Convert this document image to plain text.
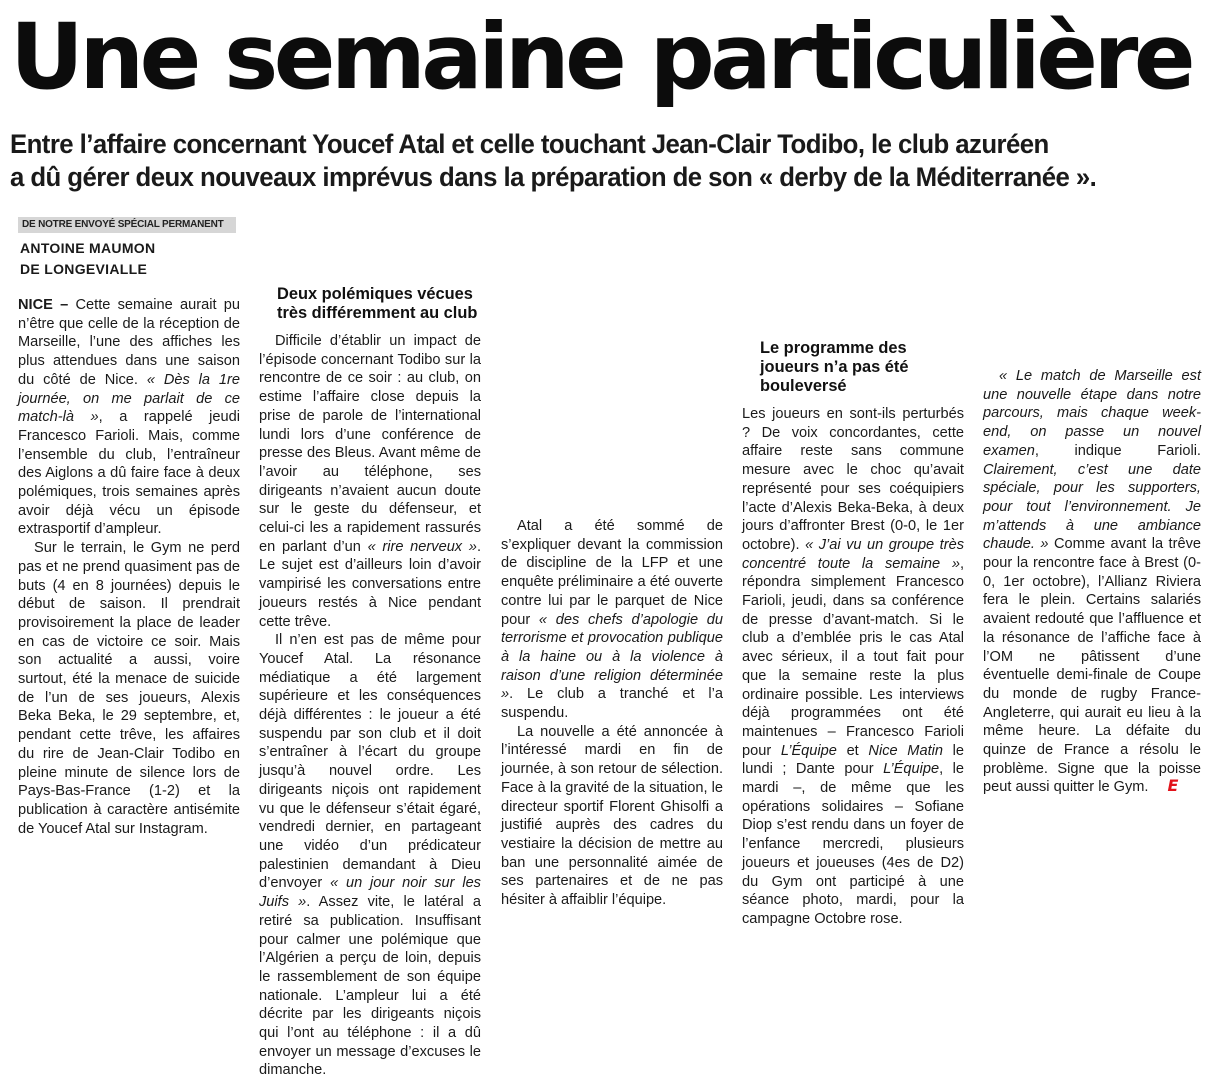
Une semaine particulière
Entre l’affaire concernant Youcef Atal et celle touchant Jean-Clair Todibo, le club azuréen
a dû gérer deux nouveaux imprévus dans la préparation de son « derby de la Méditerranée ».
DE NOTRE ENVOYÉ SPÉCIAL PERMANENT
ANTOINE MAUMON
DE LONGEVIALLE

NICE – Cette semaine aurait pu n’être que celle de la réception de Marseille, l’une des affiches les plus attendues dans une saison du côté de Nice. « Dès la 1re journée, on me parlait de ce match-là », a rappelé jeudi Francesco Farioli. Mais, comme l’ensemble du club, l’entraîneur des Aiglons a dû faire face à deux polémiques, trois semaines après avoir déjà vécu un épisode extrasportif d’ampleur.

Sur le terrain, le Gym ne perd pas et ne prend quasiment pas de buts (4 en 8 journées) depuis le début de saison. Il prendrait provisoirement la place de leader en cas de victoire ce soir. Mais son actualité a aussi, voire surtout, été la menace de suicide de l’un de ses joueurs, Alexis Beka Beka, le 29 septembre, et, pendant cette trêve, les affaires du rire de Jean-Clair Todibo en pleine minute de silence lors de Pays-Bas-France (1-2) et la publication à caractère antisémite de Youcef Atal sur Instagram.

Deux polémiques vécues très différemment au club

Difficile d’établir un impact de l’épisode concernant Todibo sur la rencontre de ce soir : au club, on estime l’affaire close depuis la prise de parole de l’international lundi lors d’une conférence de presse des Bleus. Avant même de l’avoir au téléphone, ses dirigeants n’avaient aucun doute sur le geste du défenseur, et celui-ci les a rapidement rassurés en parlant d’un « rire nerveux ». Le sujet est d’ailleurs loin d’avoir vampirisé les conversations entre joueurs restés à Nice pendant cette trêve.

Il n’en est pas de même pour Youcef Atal. La résonance médiatique a été largement supérieure et les conséquences déjà différentes : le joueur a été suspendu par son club et il doit s’entraîner à l’écart du groupe jusqu’à nouvel ordre. Les dirigeants niçois ont rapidement vu que le défenseur s’était égaré, vendredi dernier, en partageant une vidéo d’un prédicateur palestinien demandant à Dieu d’envoyer « un jour noir sur les Juifs ». Assez vite, le latéral a retiré sa publication. Insuffisant pour calmer une polémique que l’Algérien a perçu de loin, depuis le rassemblement de son équipe nationale. L’ampleur lui a été décrite par les dirigeants niçois qui l’ont au téléphone : il a dû envoyer un message d’excuses le dimanche.

Atal a été sommé de s’expliquer devant la commission de discipline de la LFP et une enquête préliminaire a été ouverte contre lui par le parquet de Nice pour « des chefs d’apologie du terrorisme et provocation publique à la haine ou à la violence à raison d’une religion déterminée ». Le club a tranché et l’a suspendu.

La nouvelle a été annoncée à l’intéressé mardi en fin de journée, à son retour de sélection. Face à la gravité de la situation, le directeur sportif Florent Ghisolfi a justifié auprès des cadres du vestiaire la décision de mettre au ban une personnalité aimée de ses partenaires et de ne pas hésiter à affaiblir l’équipe.

Le programme des joueurs n’a pas été bouleversé

Les joueurs en sont-ils perturbés ? De voix concordantes, cette affaire reste sans commune mesure avec le choc qu’avait représenté pour ses coéquipiers l’acte d’Alexis Beka-Beka, à deux jours d’affronter Brest (0-0, le 1er octobre). « J’ai vu un groupe très concentré toute la semaine », répondra simplement Francesco Farioli, jeudi, dans sa conférence de presse d’avant-match. Si le club a d’emblée pris le cas Atal avec sérieux, il a tout fait pour que la semaine reste la plus ordinaire possible. Les interviews déjà programmées ont été maintenues – Francesco Farioli pour L’Équipe et Nice Matin le lundi ; Dante pour L’Équipe, le mardi –, de même que les opérations solidaires – Sofiane Diop s’est rendu dans un foyer de l’enfance mercredi, plusieurs joueurs et joueuses (4es de D2) du Gym ont participé à une séance photo, mardi, pour la campagne Octobre rose.

« Le match de Marseille est une nouvelle étape dans notre parcours, mais chaque week-end, on passe un nouvel examen, indique Farioli. Clairement, c’est une date spéciale, pour les supporters, pour tout l’environnement. Je m’attends à une ambiance chaude. » Comme avant la trêve pour la rencontre face à Brest (0-0, 1er octobre), l’Allianz Riviera fera le plein. Certains salariés avaient redouté que l’affluence et la résonance de l’affiche face à l’OM ne pâtissent d’une éventuelle demi-finale de Coupe du monde de rugby France-Angleterre, qui aurait eu lieu à la même heure. La défaite du quinze de France a résolu le problème. Signe que la poisse peut aussi quitter le Gym. E
